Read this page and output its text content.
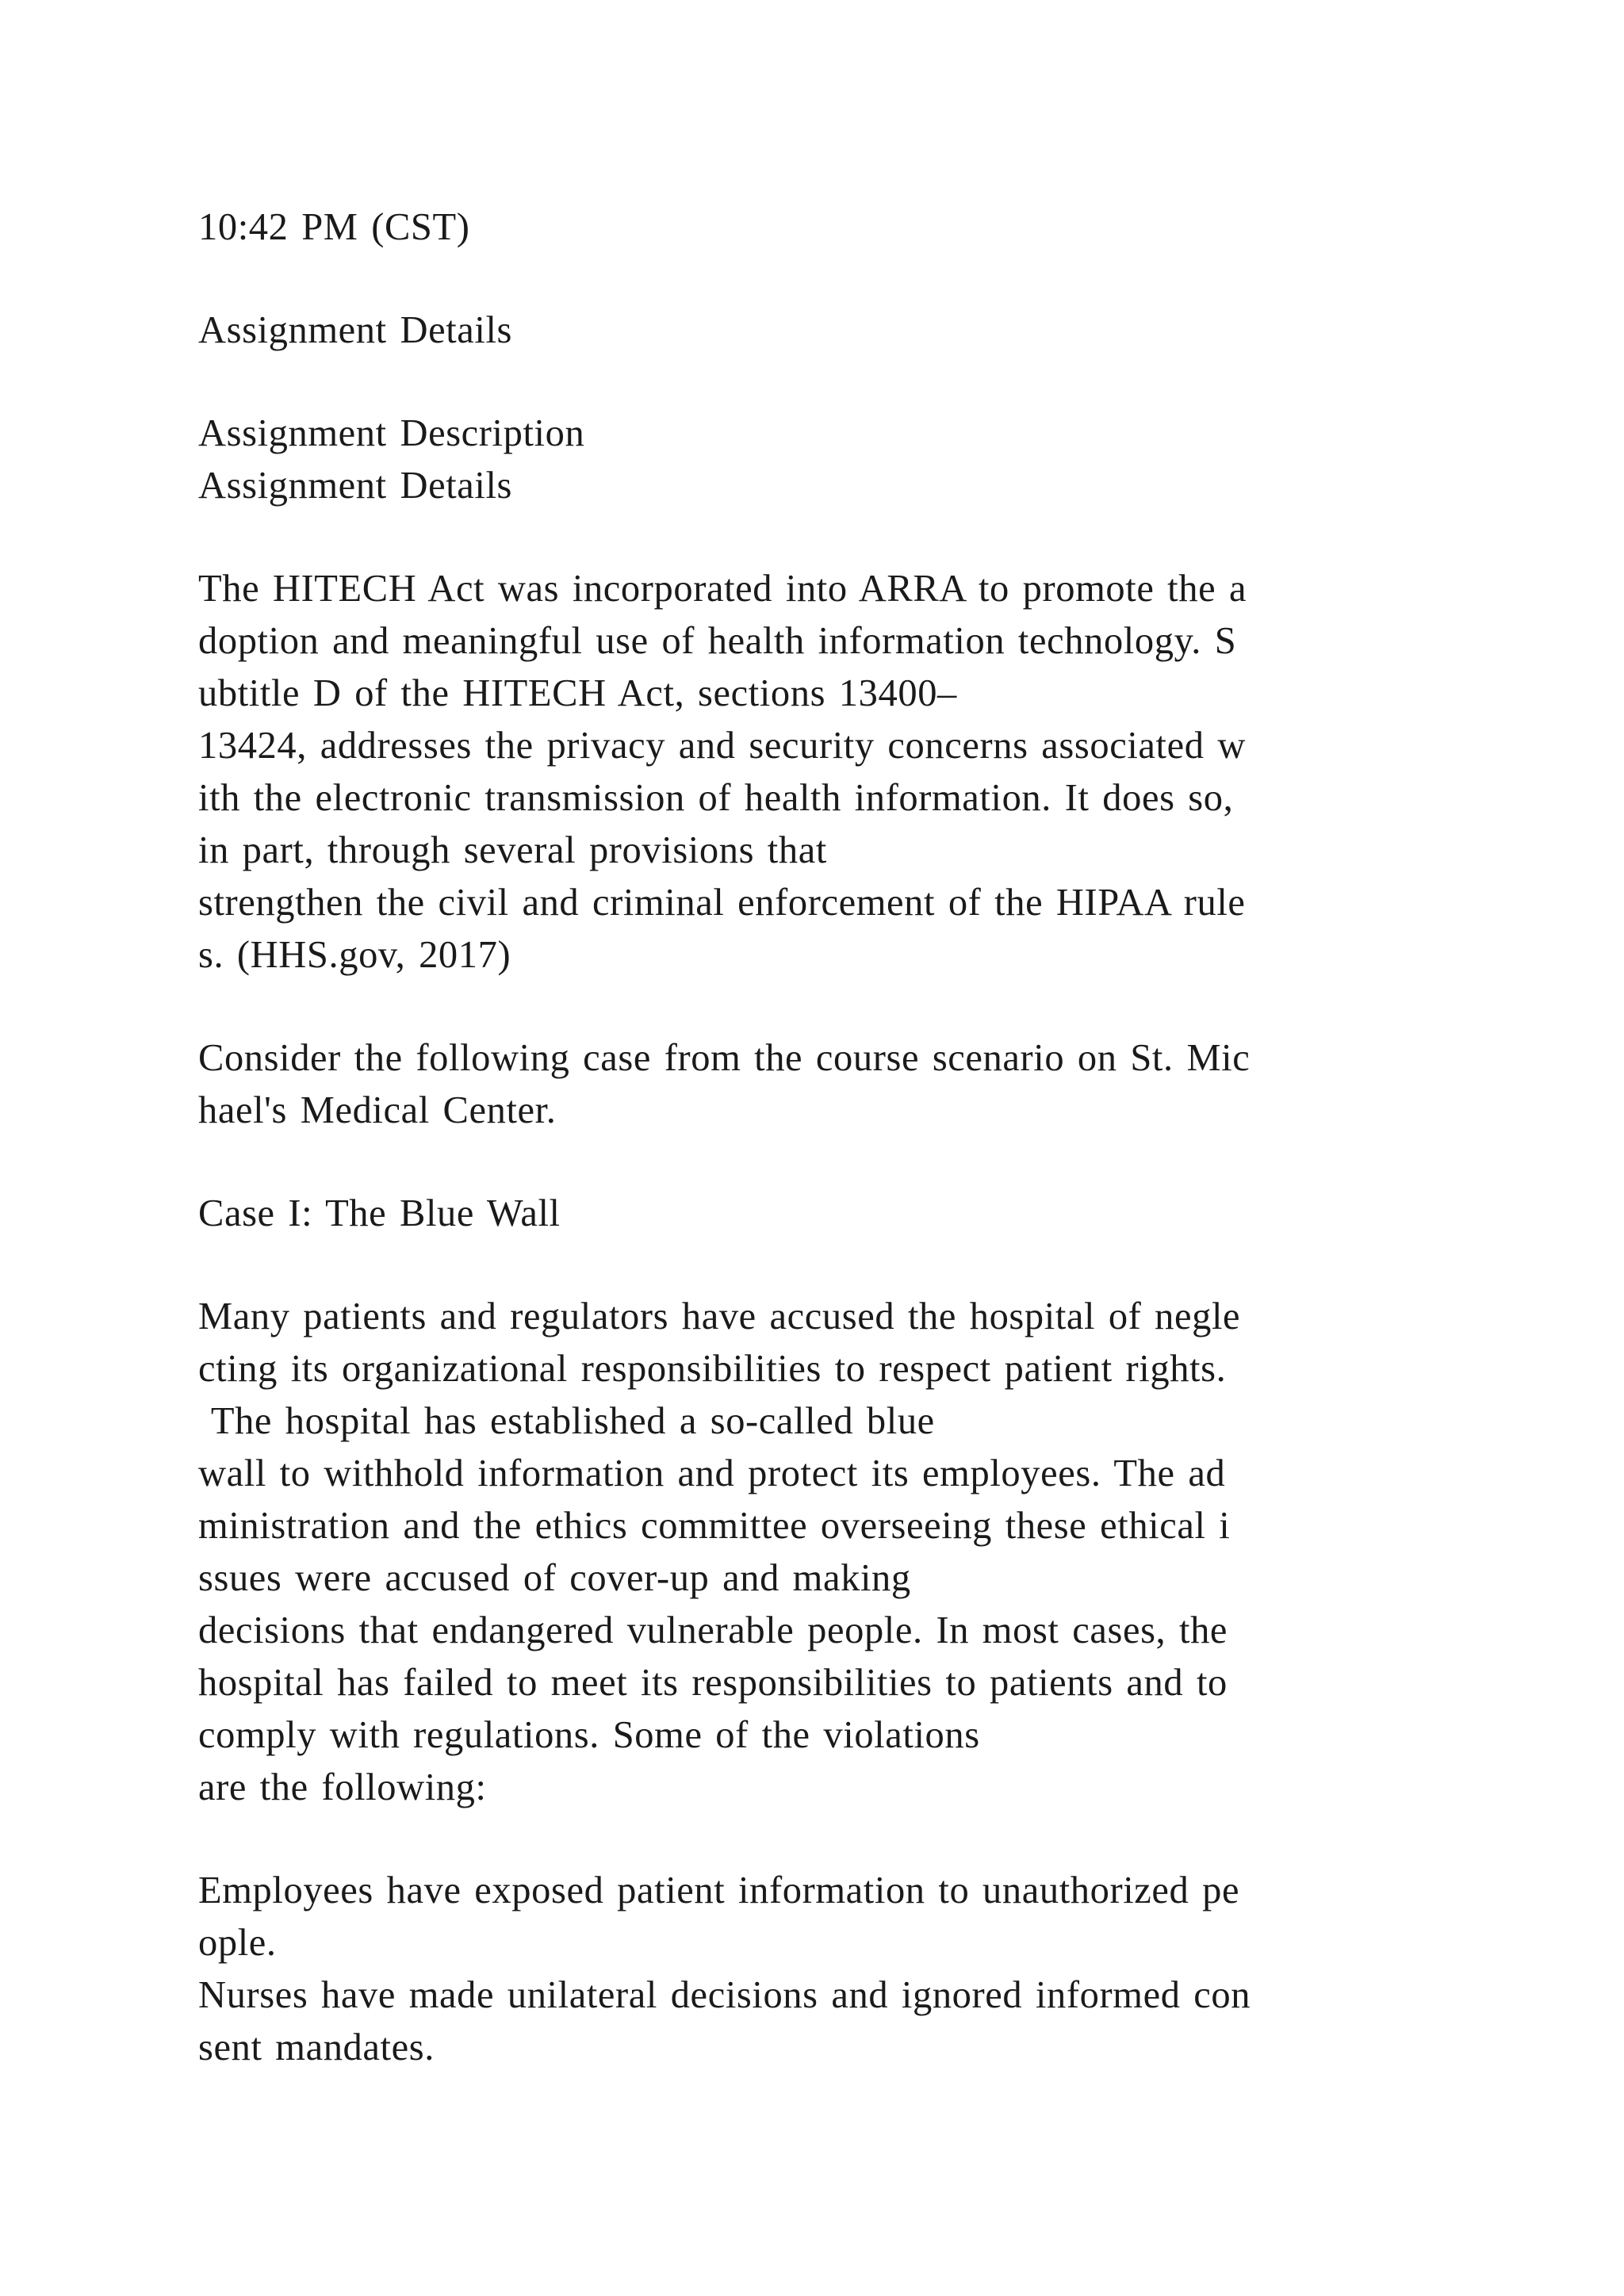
10:42 PM (CST)
Assignment Details
Assignment Description
Assignment Details
The HITECH Act was incorporated into ARRA to promote the a
doption and meaningful use of health information technology. S
ubtitle D of the HITECH Act, sections 13400–
13424, addresses the privacy and security concerns associated w
ith the electronic transmission of health information. It does so,
in part, through several provisions that
strengthen the civil and criminal enforcement of the HIPAA rule
s. (HHS.gov, 2017)
Consider the following case from the course scenario on St. Mic
hael's Medical Center.
Case I: The Blue Wall
Many patients and regulators have accused the hospital of negle
cting its organizational responsibilities to respect patient rights.
The hospital has established a so-called blue
wall to withhold information and protect its employees. The ad
ministration and the ethics committee overseeing these ethical i
ssues were accused of cover-up and making
decisions that endangered vulnerable people. In most cases, the
hospital has failed to meet its responsibilities to patients and to
comply with regulations. Some of the violations
are the following:
Employees have exposed patient information to unauthorized pe
ople.
Nurses have made unilateral decisions and ignored informed con
sent mandates.
